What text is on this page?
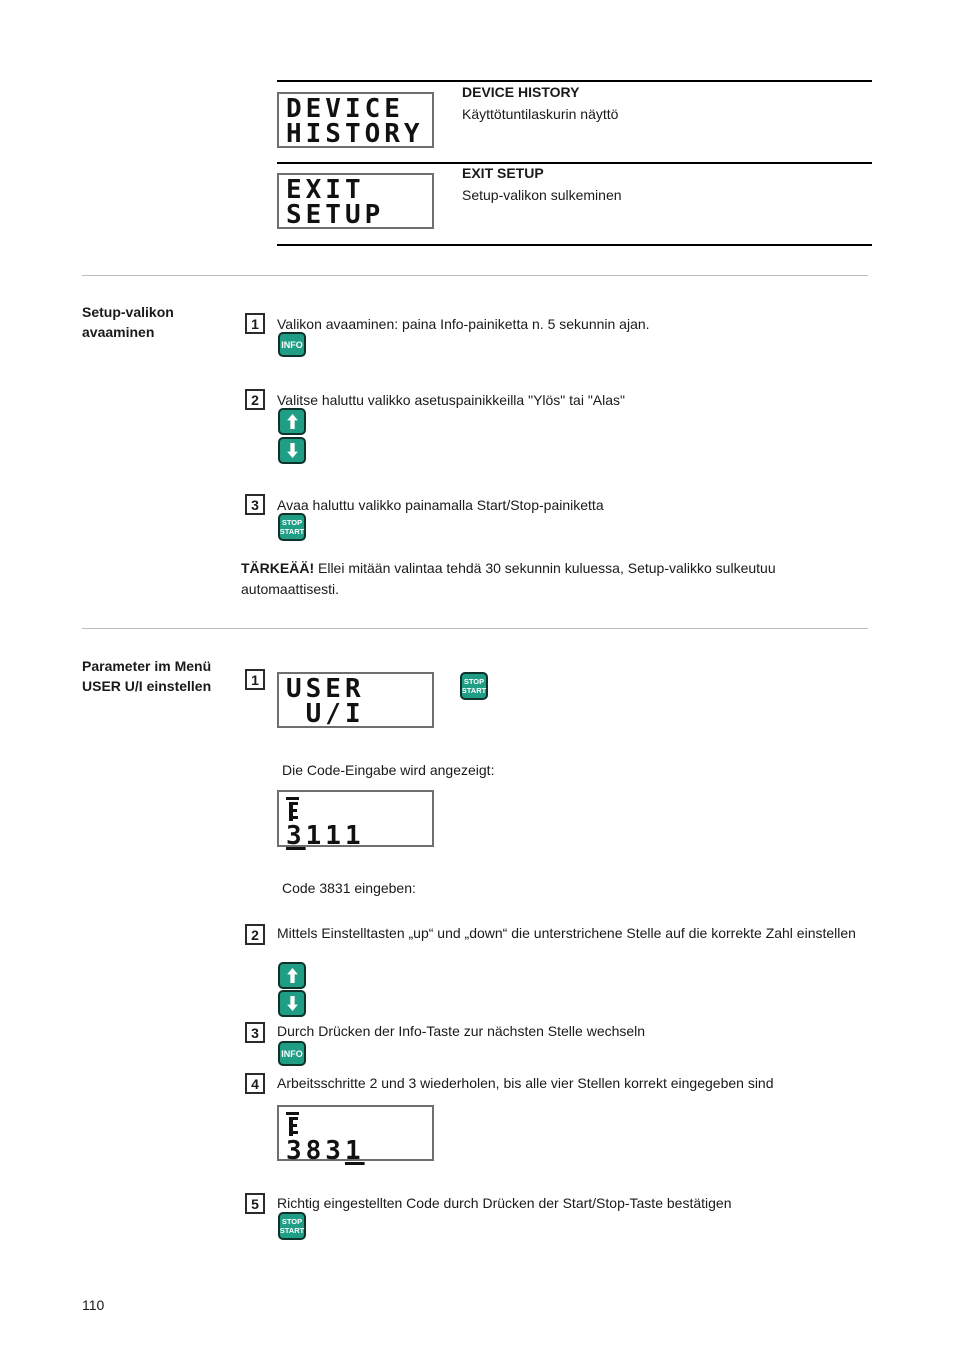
DEVICE
HISTORY
DEVICE HISTORY
Käyttötuntilaskurin näyttö
EXIT
SETUP
EXIT SETUP
Setup-valikon sulkeminen
Setup-valikon avaaminen
1 Valikon avaaminen: paina Info-painiketta n. 5 sekunnin ajan.
INFO
2 Valitse haluttu valikko asetuspainikkeilla "Ylös" tai "Alas"
3 Avaa haluttu valikko painamalla Start/Stop-painiketta
STOP
START
TÄRKEÄÄ! Ellei mitään valintaa tehdä 30 sekunnin kuluessa, Setup-valikko sulkeutuu automaattisesti.
Parameter im Menü USER U/I einstellen	1 USER
U/I
STOP
START
Die Code-Eingabe wird angezeigt:
3111
Code 3831 eingeben:
2 Mittels Einstelltasten „up“ und „down“ die unterstrichene Stelle auf die korrekte Zahl einstellen
3 Durch Drücken der Info-Taste zur nächsten Stelle wechseln
INFO
4 Arbeitsschritte 2 und 3 wiederholen, bis alle vier Stellen korrekt eingegeben sind
3831
5 Richtig eingestellten Code durch Drücken der Start/Stop-Taste bestätigen
STOP
START
110
